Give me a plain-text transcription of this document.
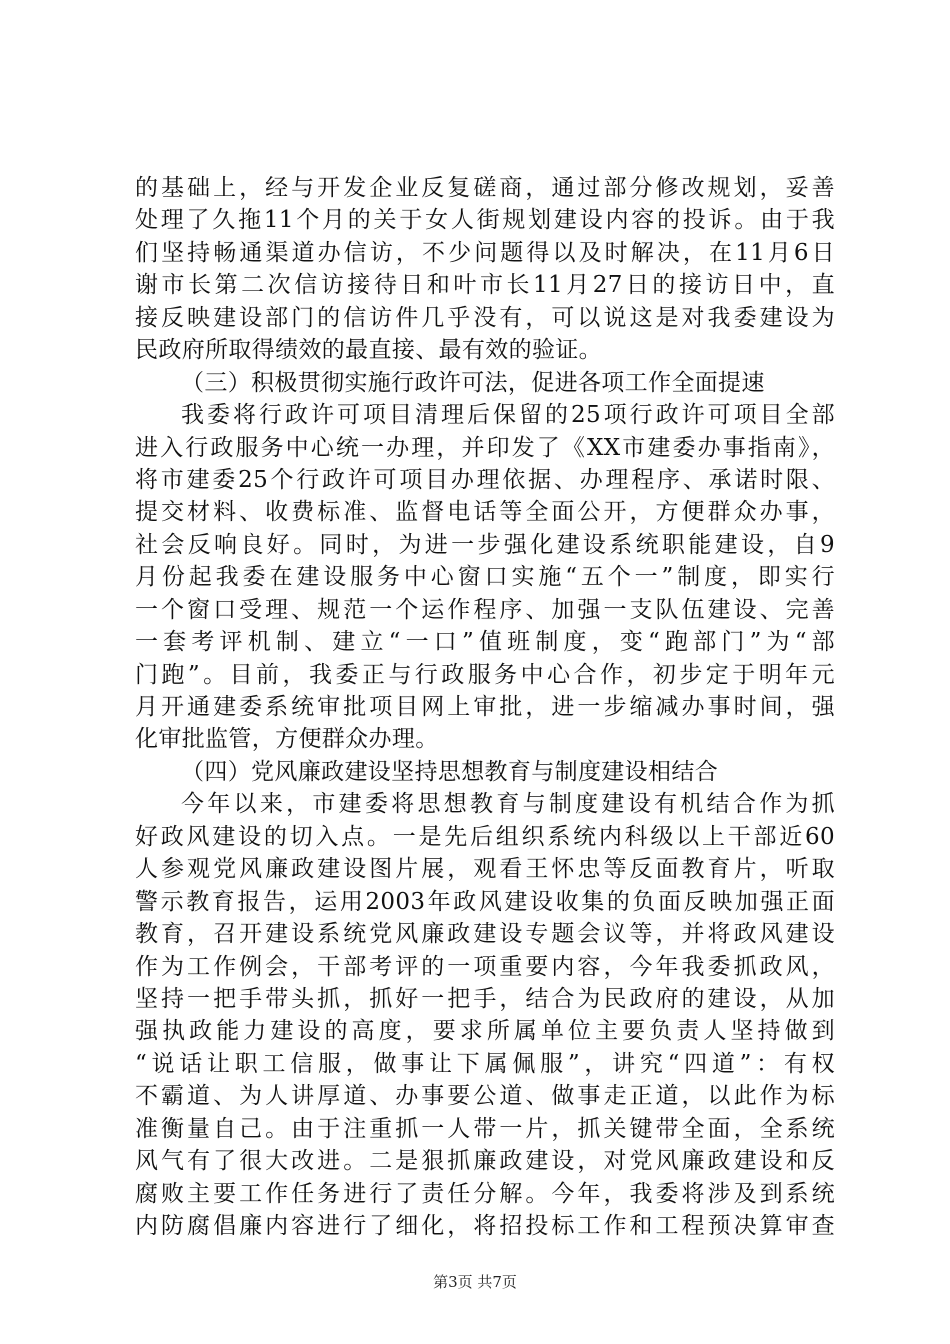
的基础上，经与开发企业反复磋商，通过部分修改规划，妥善
处理了久拖11个月的关于女人街规划建设内容的投诉。由于我
们坚持畅通渠道办信访，不少问题得以及时解决，在11月6日
谢市长第二次信访接待日和叶市长11月27日的接访日中，直
接反映建设部门的信访件几乎没有，可以说这是对我委建设为
民政府所取得绩效的最直接、最有效的验证。
（三）积极贯彻实施行政许可法，促进各项工作全面提速
我委将行政许可项目清理后保留的25项行政许可项目全部
进入行政服务中心统一办理，并印发了《XX市建委办事指南》，
将市建委25个行政许可项目办理依据、办理程序、承诺时限、
提交材料、收费标准、监督电话等全面公开，方便群众办事，
社会反响良好。同时，为进一步强化建设系统职能建设，自9
月份起我委在建设服务中心窗口实施“五个一”制度，即实行
一个窗口受理、规范一个运作程序、加强一支队伍建设、完善
一套考评机制、建立“一口”值班制度，变“跑部门”为“部
门跑”。目前，我委正与行政服务中心合作，初步定于明年元
月开通建委系统审批项目网上审批，进一步缩减办事时间，强
化审批监管，方便群众办理。
（四）党风廉政建设坚持思想教育与制度建设相结合
今年以来，市建委将思想教育与制度建设有机结合作为抓
好政风建设的切入点。一是先后组织系统内科级以上干部近60
人参观党风廉政建设图片展，观看王怀忠等反面教育片，听取
警示教育报告，运用2003年政风建设收集的负面反映加强正面
教育，召开建设系统党风廉政建设专题会议等，并将政风建设
作为工作例会，干部考评的一项重要内容，今年我委抓政风，
坚持一把手带头抓，抓好一把手，结合为民政府的建设，从加
强执政能力建设的高度，要求所属单位主要负责人坚持做到
“说话让职工信服，做事让下属佩服”，讲究“四道”：有权
不霸道、为人讲厚道、办事要公道、做事走正道，以此作为标
准衡量自己。由于注重抓一人带一片，抓关键带全面，全系统
风气有了很大改进。二是狠抓廉政建设，对党风廉政建设和反
腐败主要工作任务进行了责任分解。今年，我委将涉及到系统
内防腐倡廉内容进行了细化，将招投标工作和工程预决算审查
第3页 共7页
